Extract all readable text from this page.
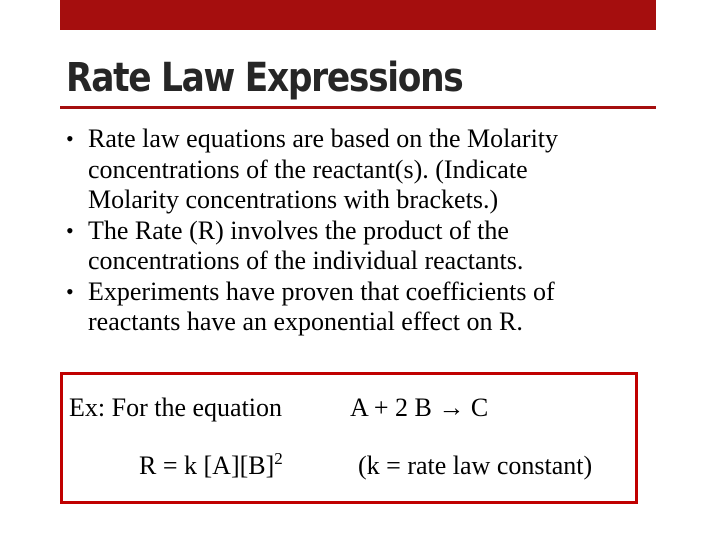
Rate Law Expressions
• Rate law equations are based on the Molarity
concentrations of the reactant(s). (Indicate
Molarity concentrations with brackets.)
• The Rate (R) involves the product of the
concentrations of the individual reactants.
• Experiments have proven that coefficients of
reactants have an exponential effect on R.
Ex: For the equation	A + 2 B → C
R = k $[A][B]^2$	(k = rate law constant)
